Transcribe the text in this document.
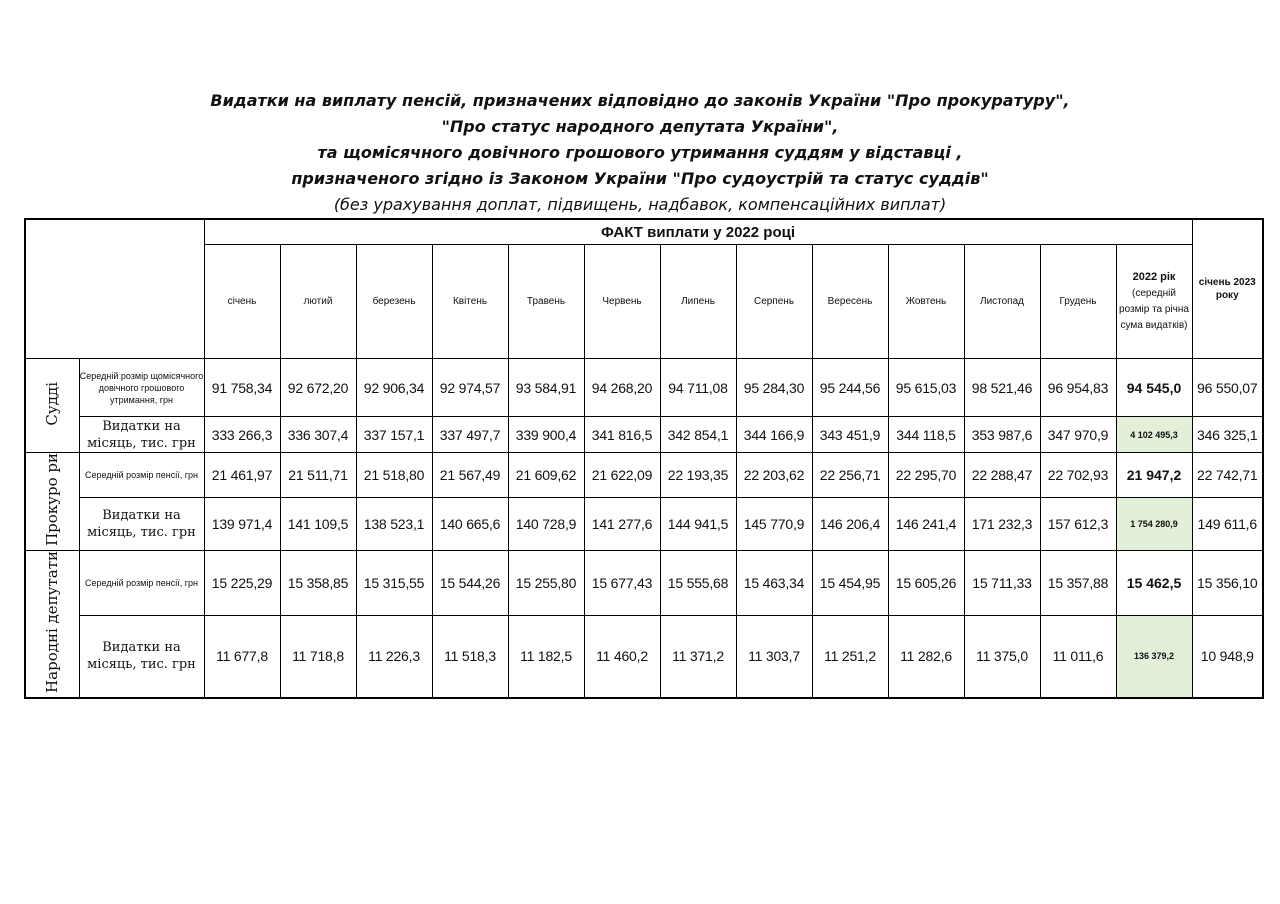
Видатки на виплату пенсій, призначених відповідно до законів України "Про прокуратуру",
"Про статус народного депутата України",
та щомісячного довічного грошового утримання суддям у відставці ,
призначеного згідно із Законом України "Про судоустрій та статус суддів"
(без урахування доплат, підвищень, надбавок, компенсаційних виплат)
		ФАКТ виплати у 2022 році													січень 2023 року
		січень	лютий	березень	Квітень	Травень	Червень	Липень	Серпень	Вересень	Жовтень	Листопад	Грудень	2022 рік
(середній розмір та річна сума видатків)	
Судді	Середній розмір щомісячного довічного грошового утримання, грн	91 758,34	92 672,20	92 906,34	92 974,57	93 584,91	94 268,20	94 711,08	95 284,30	95 244,56	95 615,03	98 521,46	96 954,83	94 545,0	96 550,07
	Видатки на місяць, тис. грн	333 266,3	336 307,4	337 157,1	337 497,7	339 900,4	341 816,5	342 854,1	344 166,9	343 451,9	344 118,5	353 987,6	347 970,9	4 102 495,3	346 325,1
Прокуро ри	Середній розмір пенсії, грн	21 461,97	21 511,71	21 518,80	21 567,49	21 609,62	21 622,09	22 193,35	22 203,62	22 256,71	22 295,70	22 288,47	22 702,93	21 947,2	22 742,71
	Видатки на місяць, тис. грн	139 971,4	141 109,5	138 523,1	140 665,6	140 728,9	141 277,6	144 941,5	145 770,9	146 206,4	146 241,4	171 232,3	157 612,3	1 754 280,9	149 611,6
Народні депутати	Середній розмір пенсії, грн	15 225,29	15 358,85	15 315,55	15 544,26	15 255,80	15 677,43	15 555,68	15 463,34	15 454,95	15 605,26	15 711,33	15 357,88	15 462,5	15 356,10
	Видатки на місяць, тис. грн	11 677,8	11 718,8	11 226,3	11 518,3	11 182,5	11 460,2	11 371,2	11 303,7	11 251,2	11 282,6	11 375,0	11 011,6	136 379,2	10 948,9
